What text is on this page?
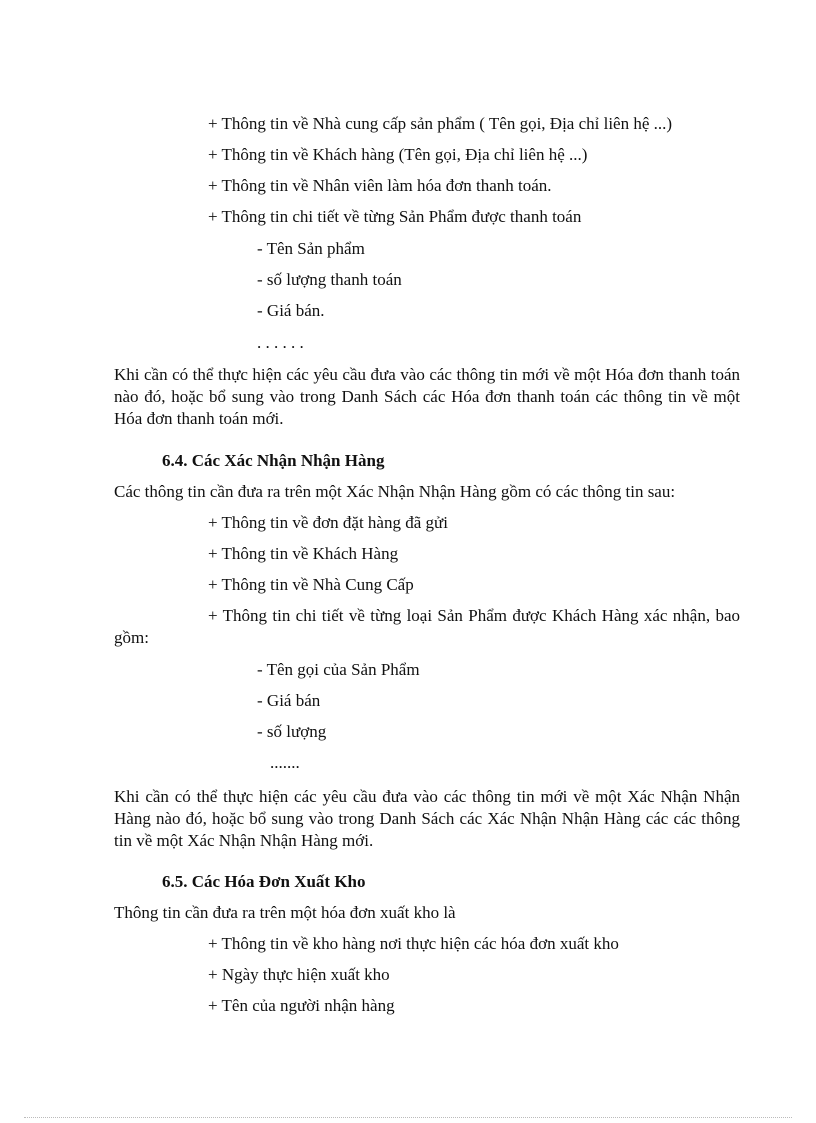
+ Thông tin về Nhà cung cấp sản phẩm ( Tên gọi, Địa chỉ liên hệ ...)
+ Thông tin về Khách hàng (Tên gọi, Địa chỉ liên hệ ...)
+ Thông tin về Nhân viên làm hóa đơn thanh toán.
+ Thông tin chi tiết về từng Sản Phẩm được thanh toán
- Tên Sản phẩm
- số lượng thanh toán
- Giá bán.
. . . . . .
Khi cần có thể thực hiện các yêu cầu đưa vào các thông tin mới về một Hóa đơn thanh toán nào đó, hoặc bổ sung vào trong Danh Sách các Hóa đơn thanh toán các thông tin về một Hóa đơn thanh toán mới.
6.4. Các Xác Nhận Nhận Hàng
Các thông tin cần đưa ra trên một Xác Nhận Nhận Hàng gồm có các thông tin sau:
+ Thông tin về đơn đặt hàng đã gửi
+ Thông tin về Khách Hàng
+ Thông tin về Nhà Cung Cấp
+ Thông tin chi tiết về từng loại Sản Phẩm được Khách Hàng xác nhận, bao gồm:
- Tên gọi của Sản Phẩm
- Giá bán
- số lượng
.......
Khi cần có thể thực hiện các yêu cầu đưa vào các thông tin mới về một Xác Nhận Nhận Hàng nào đó, hoặc bổ sung vào trong Danh Sách các Xác Nhận Nhận Hàng các các thông tin về một Xác Nhận Nhận Hàng mới.
6.5. Các Hóa Đơn Xuất Kho
Thông tin cần đưa ra trên một hóa đơn xuất kho là
+ Thông tin về kho hàng nơi thực hiện các hóa đơn xuất kho
+ Ngày thực hiện xuất kho
+ Tên của người nhận hàng
